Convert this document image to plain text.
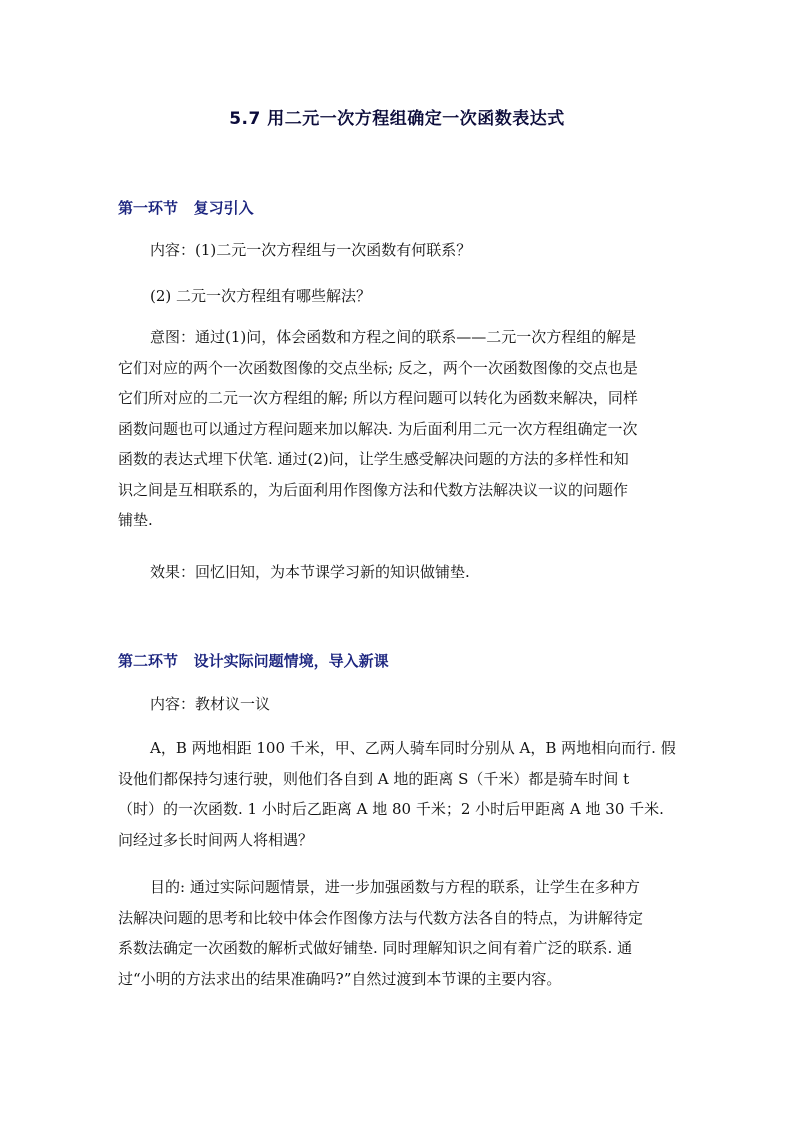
5.7 用二元一次方程组确定一次函数表达式
第一环节   复习引入
内容：(1)二元一次方程组与一次函数有何联系？
(2) 二元一次方程组有哪些解法？
意图：通过(1)问，体会函数和方程之间的联系——二元一次方程组的解是
它们对应的两个一次函数图像的交点坐标; 反之，两个一次函数图像的交点也是
它们所对应的二元一次方程组的解; 所以方程问题可以转化为函数来解决，同样
函数问题也可以通过方程问题来加以解决. 为后面利用二元一次方程组确定一次
函数的表达式埋下伏笔. 通过(2)问，让学生感受解决问题的方法的多样性和知
识之间是互相联系的，为后面利用作图像方法和代数方法解决议一议的问题作
铺垫.
效果：回忆旧知，为本节课学习新的知识做铺垫.
第二环节   设计实际问题情境，导入新课
内容：教材议一议
A，B 两地相距 100 千米，甲、乙两人骑车同时分别从 A，B 两地相向而行. 假
设他们都保持匀速行驶，则他们各自到 A 地的距离 S（千米）都是骑车时间 t
（时）的一次函数. 1 小时后乙距离 A 地 80 千米；2 小时后甲距离 A 地 30 千米.
问经过多长时间两人将相遇？
目的: 通过实际问题情景，进一步加强函数与方程的联系，让学生在多种方
法解决问题的思考和比较中体会作图像方法与代数方法各自的特点，为讲解待定
系数法确定一次函数的解析式做好铺垫. 同时理解知识之间有着广泛的联系. 通
过“小明的方法求出的结果准确吗?”自然过渡到本节课的主要内容。
